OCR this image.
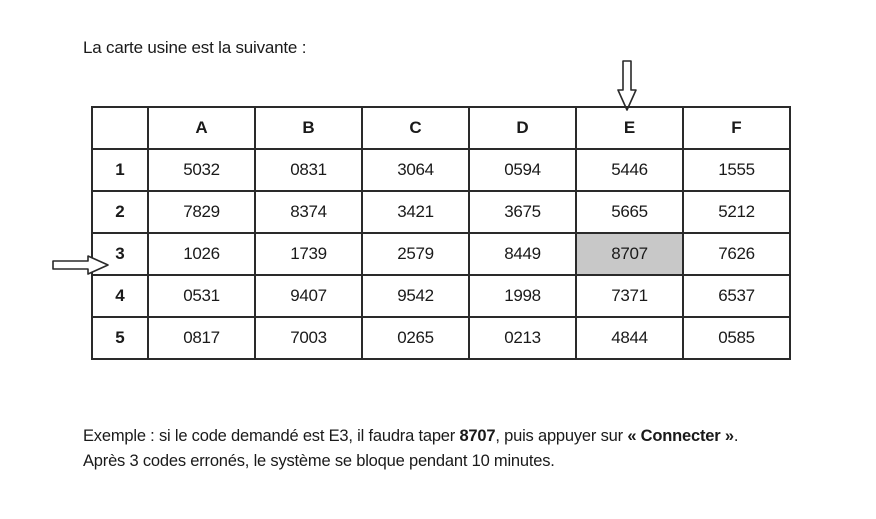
La carte usine est la suivante :
	A	B	C	D	E	F
1	5032	0831	3064	0594	5446	1555
2	7829	8374	3421	3675	5665	5212
3	1026	1739	2579	8449	8707	7626
4	0531	9407	9542	1998	7371	6537
5	0817	7003	0265	0213	4844	0585
Exemple : si le code demandé est E3, il faudra taper 8707, puis appuyer sur « Connecter ».
Après 3 codes erronés, le système se bloque pendant 10 minutes.
